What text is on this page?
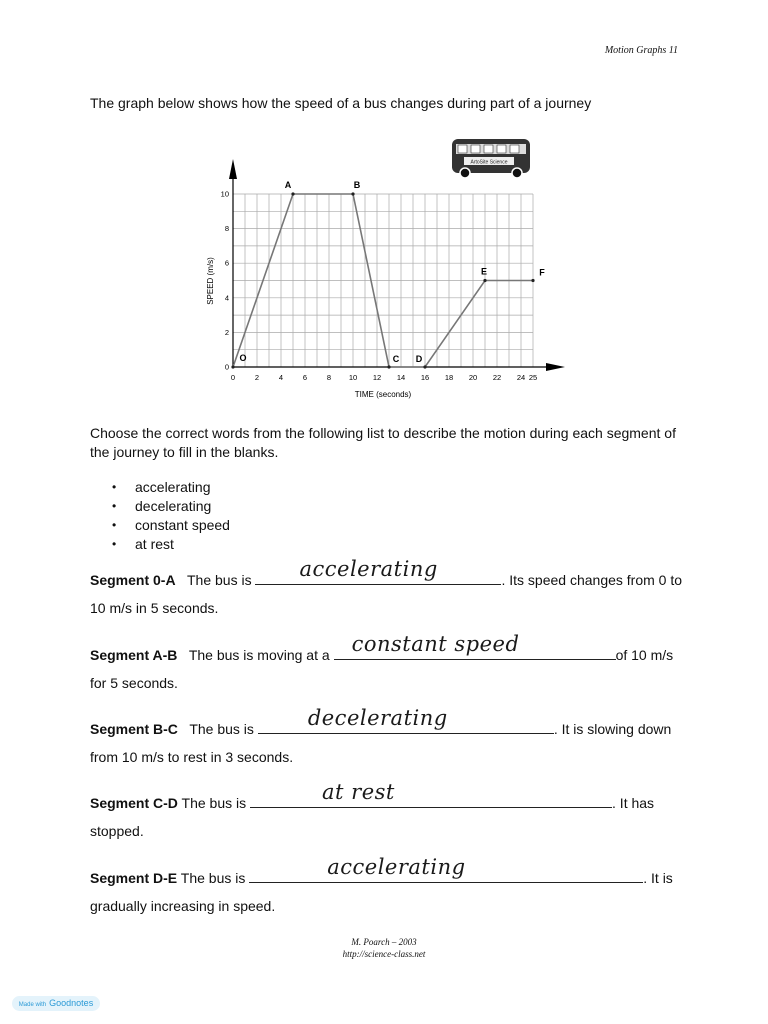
Motion Graphs 11
The graph below shows how the speed of a bus changes during part of a journey
0	2	4	6	8 10 12 14 16 18 20 22 24 25
0
2
4
6
8
10
O
A	B
C D
E	F
TIME (seconds)
SPEED (m/s)
ArtoSite Science
Choose the correct words from the following list to describe the motion during each segment of the journey to fill in the blanks.
• accelerating
• decelerating
• constant speed
• at rest
Segment 0-A The bus is accelerating	. Its speed changes from 0 to 10 m/s in 5 seconds.
Segment A-B The bus is moving at a constant speed	of 10 m/s for 5 seconds.
Segment B-C The bus is	decelerating	. It is slowing down from 10 m/s to rest in 3 seconds.
Segment C-D The bus is	at rest	. It has stopped.
Segment D-E The bus is	accelerating	. It is gradually increasing in speed.
M. Poarch – 2003
http://science-class.net
Made with Goodnotes
